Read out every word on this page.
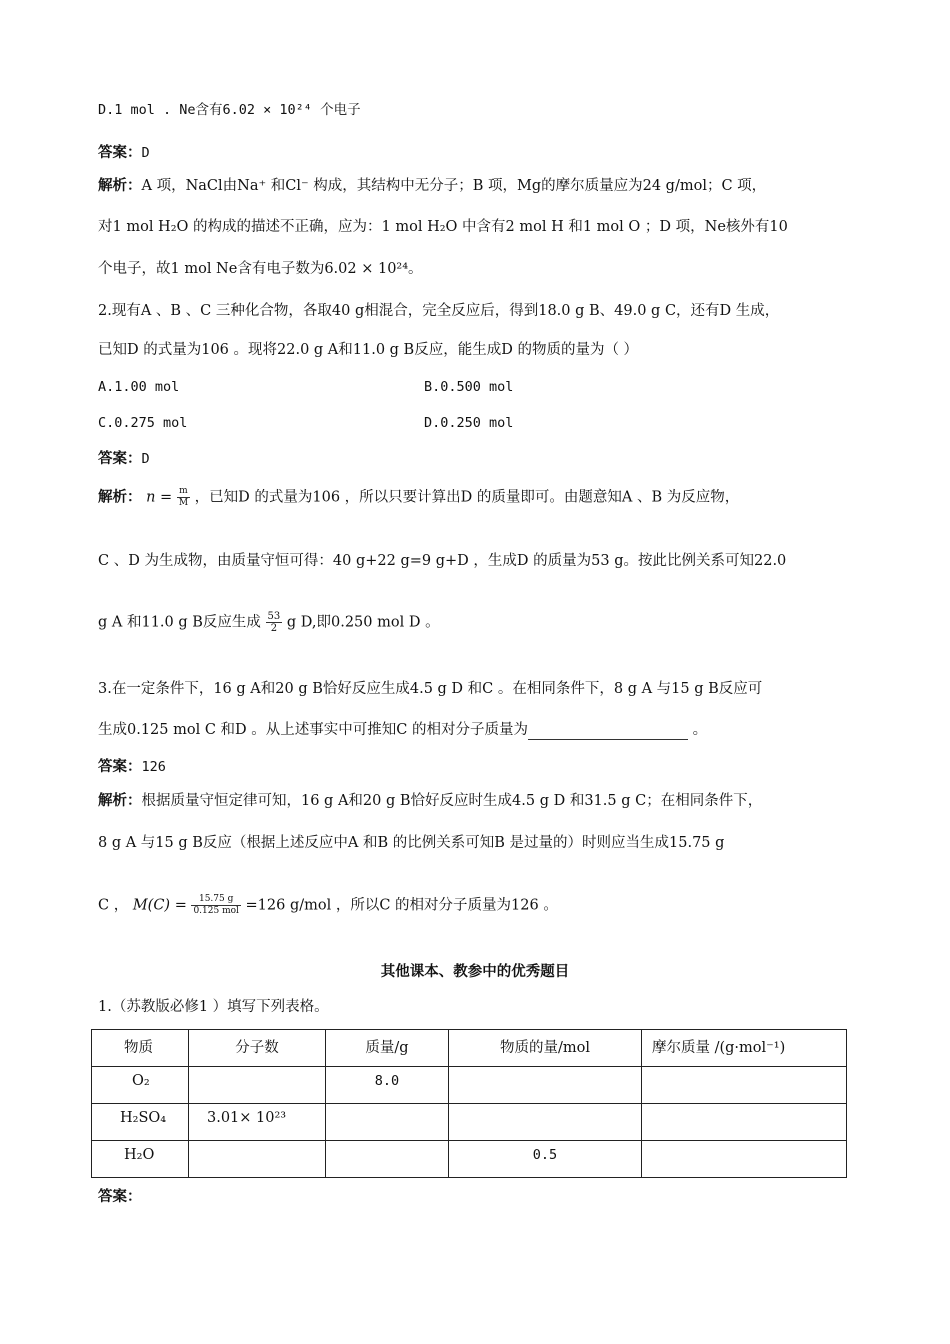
D.1 mol . Ne含有6.02 × 10²⁴ 个电子
答案：D
解析：A 项，NaCl由Na⁺ 和Cl⁻ 构成，其结构中无分子；B 项，Mg的摩尔质量应为24 g/mol；C 项，
对1 mol H₂O 的构成的描述不正确，应为：1 mol H₂O 中含有2 mol H 和1 mol O ；D 项，Ne核外有10
个电子，故1 mol Ne含有电子数为6.02 × 10²⁴。
2.现有A 、B 、C 三种化合物，各取40 g相混合，完全反应后，得到18.0 g B、49.0 g C，还有D 生成，
已知D 的式量为106 。现将22.0 g A和11.0 g B反应，能生成D 的物质的量为（ ）
A.1.00 mol	B.0.500 mol
C.0.275 mol	D.0.250 mol
答案：D
解析： $n = \frac{m}{M}$ ，已知D 的式量为106 ，所以只要计算出D 的质量即可。由题意知A 、B 为反应物，
C 、D 为生成物，由质量守恒可得：40 g+22 g=9 g+D ，生成D 的质量为53 g。按此比例关系可知22.0
g A 和11.0 g B反应生成 $\frac{53}{2}$ g D,即0.250 mol D 。
3.在一定条件下，16 g A和20 g B恰好反应生成4.5 g D 和C 。在相同条件下，8 g A 与15 g B反应可
生成0.125 mol C 和D 。从上述事实中可推知C 的相对分子质量为	。
答案：126
解析：根据质量守恒定律可知，16 g A和20 g B恰好反应时生成4.5 g D 和31.5 g C；在相同条件下，
8 g A 与15 g B反应（根据上述反应中A 和B 的比例关系可知B 是过量的）时则应当生成15.75 g
C ， $M(C) = \frac{15.75 g}{\text{0.125 mol}} =126$ g/mol ，所以C 的相对分子质量为126 。
其他课本、教参中的优秀题目
1.（苏教版必修1 ）填写下列表格。
物质	分子数	质量/g	物质的量/mol	摩尔质量 /(g·mol⁻¹)

O₂		8.0		

H₂SO₄	3.01× 10²³			

H₂O			0.5	

答案：
